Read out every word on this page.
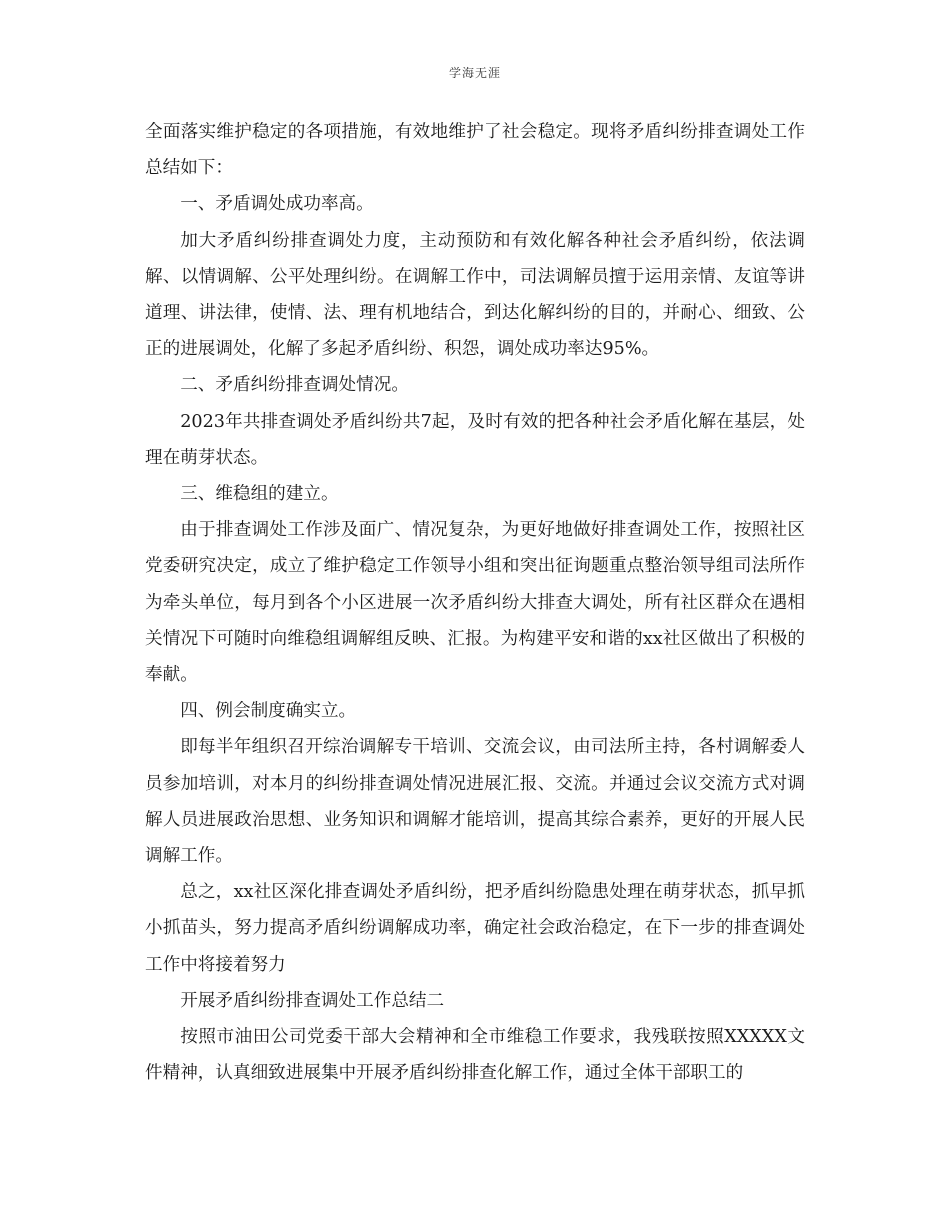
学海无涯

全面落实维护稳定的各项措施，有效地维护了社会稳定。现将矛盾纠纷排查调处工作总结如下：

一、矛盾调处成功率高。

加大矛盾纠纷排查调处力度，主动预防和有效化解各种社会矛盾纠纷，依法调解、以情调解、公平处理纠纷。在调解工作中，司法调解员擅于运用亲情、友谊等讲道理、讲法律，使情、法、理有机地结合，到达化解纠纷的目的，并耐心、细致、公正的进展调处，化解了多起矛盾纠纷、积怨，调处成功率达95%。

二、矛盾纠纷排查调处情况。

2023年共排查调处矛盾纠纷共7起，及时有效的把各种社会矛盾化解在基层，处理在萌芽状态。

三、维稳组的建立。

由于排查调处工作涉及面广、情况复杂，为更好地做好排查调处工作，按照社区党委研究决定，成立了维护稳定工作领导小组和突出征询题重点整治领导组司法所作为牵头单位，每月到各个小区进展一次矛盾纠纷大排查大调处，所有社区群众在遇相关情况下可随时向维稳组调解组反映、汇报。为构建平安和谐的xx社区做出了积极的奉献。

四、例会制度确实立。

即每半年组织召开综治调解专干培训、交流会议，由司法所主持，各村调解委人员参加培训，对本月的纠纷排查调处情况进展汇报、交流。并通过会议交流方式对调解人员进展政治思想、业务知识和调解才能培训，提高其综合素养，更好的开展人民调解工作。

总之，xx社区深化排查调处矛盾纠纷，把矛盾纠纷隐患处理在萌芽状态，抓早抓小抓苗头，努力提高矛盾纠纷调解成功率，确定社会政治稳定，在下一步的排查调处工作中将接着努力

开展矛盾纠纷排查调处工作总结二

按照市油田公司党委干部大会精神和全市维稳工作要求，我残联按照XXXXX文件精神，认真细致进展集中开展矛盾纠纷排查化解工作，通过全体干部职工的
